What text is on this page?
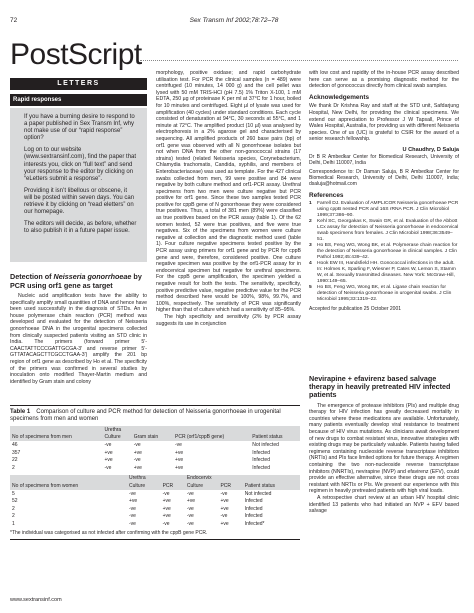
72	Sex Transm Inf 2002;78:72–78
PostScript
LETTERS
Rapid responses

If you have a burning desire to respond to a paper published in Sex Transm Inf, why not make use of our “rapid response” option?

Log on to our website (www.sextransinf.com), find the paper that interests you, click on “full text” and send your response to the editor by clicking on “eLetters submit a response”.

Providing it isn’t libellous or obscene, it will be posted within seven days. You can retrieve it by clicking on “read eletters” on our homepage.

The editors will decide, as before, whether to also publish it in a future paper issue.

Detection of Neisseria gonorrhoeae by PCR using orf1 gene as target

Nucleic acid amplification tests have the ability to specifically amplify small quantities of DNA and hence have been used successfully in the diagnosis of STDs. An in house polymerase chain reaction (PCR) method was developed and evaluated for the detection of Neisseria gonorrhoeae DNA in the urogenital specimens collected from clinically suspected patients visiting an STD clinic in India. The primers (forward primer 5′-CAACTATTCCCGATTGCGA-3′ and reverse primer 5′-GTTATACAGCTTCGCCTGAA-3′) amplify the 201 bp region of orf1 gene as described by Ho et al. The specificity of the primers was confirmed in several studies by inoculation onto modified Thayer-Martin medium and identified by Gram stain and colony

morphology, positive oxidase; and rapid carbohydrate utilisation test. For PCR the clinical samples (n = 489) were centrifuged (10 minutes, 14 000 g) and the cell pellet was lysed with 50 mM TRIS-HCl (pH 7.5) 1% Triton X-100, 1 mM EDTA, 250 µg of proteinase K per ml at 37°C for 1 hour, boiled for 10 minutes and centrifuged. Eight µl of lysate was used for amplification (40 cycles) under standard conditions. Each cycle consisted of denaturation at 94°C, 30 seconds at 55°C, and 1 minute at 72°C. The amplified product (10 µl) was analysed by electrophoresis in a 2% agarose gel and characterised by sequencing. All amplified products of 260 base pairs (bp) of orf1 gene was observed with all N gonorrhoeae isolates but not when DNA from the other non-gonococcal strains (17 strains) tested (related Neisseria species, Corynebacterium, Chlamydia trachomatis, Candida, syphilis, and members of Enterobacteriaceae) was used as template. For the 427 clinical swabs collected from men, 99 were positive and 84 were negative by both culture method and orf1-PCR assay. Urethral specimens from two men were culture negative but PCR positive for orf1 gene. Since these two samples tested PCR positive for cppB gene of N gonorrhoeae they were considered true positives. Thus, a total of 381 men (89%) were classified as true positives based on the PCR assay (table 1). Of the 62 women tested, 52 were true positives, and five were true negatives. Six of the specimens from women were culture negative at collection and the diagnostic method used (table 1). Four culture negative specimens tested positive by the PCR assay using primers for orf1 gene and by PCR for cppB gene and were, therefore, considered positive. One culture negative specimen was positive by the orf1-PCR assay for in endocervical specimen but negative for urethral specimens. For the cppB gene amplification, the specimen yielded a negative result for both the tests. The sensitivity, specificity, positive predictive value, negative predictive value for the PCR method described here would be 100%, 98%, 99.7%, and 100%, respectively. The sensitivity of PCR was significantly higher than that of culture which had a sensitivity of 85–95%.

The high specificity and sensitivity (2% by PCR assay suggests its use in conjunction

with low cost and rapidity of the in-house PCR assay described here can serve as a promising diagnostic method for the detection of gonococcus directly from clinical swab samples.

Acknowledgements

We thank Dr Krishna Ray and staff at the STD unit, Safdarjung Hospital, New Delhi, for providing the clinical specimens. We extend our appreciation to Professor J W Tapsall, Prince of Wales Hospital, Australia, for providing us with different Neisseria species. One of us (UC) is grateful to CSIR for the award of a senior research fellowship.

U Chaudhry, D Saluja

Dr B R Ambedkar Center for Biomedical Research, University of Delhi, Delhi 110007, India

Correspondence to: Dr Daman Saluja, B R Ambedkar Center for Biomedical Research, University of Delhi, Delhi 110007, India; dsaluja@hotmail.com

References
1 Farrell DJ. Evaluation of AMPLICOR Neisseria gonorrhoeae PCR using cppB nested PCR and 16S rRNA PCR. J Clin Microbiol 1999;37:386–90.
2 Kehl SC, Georgakas K, Swain GR, et al. Evaluation of the Abbott LCx assay for detection of Neisseria gonorrhoeae in endocervical swab specimens from females. J Clin Microbiol 1998;36:3549–51.
3 Ho BS, Feng WG, Wong BK, et al. Polymerase chain reaction for the detection of Neisseria gonorrhoeae in clinical samples. J Clin Pathol 1992;45:439–42.
4 Hook EW III, Handsfield HH. Gonococcal infections in the adult. In: Holmes K, Sparling F, Wiesner P, Cates W, Lemon S, Stamm W, et al. Sexually transmitted diseases. New York: McGraw-Hill, 1990:149–65.
5 Ho BS, Feng WG, Wong BK, et al. Ligase chain reaction for detection of Neisseria gonorrhoeae in urogenital swabs. J Clin Microbiol 1995;33:1319–22.

Accepted for publication 25 October 2001

Nevirapine + efavirenz based salvage therapy in heavily pretreated HIV infected patients

The emergence of protease inhibitors (PIs) and multiple drug therapy for HIV infection has greatly decreased mortality in countries where these medications are available. Unfortunately, many patients eventually develop viral resistance to treatment because of HIV virus mutations. As clinicians await development of new drugs to combat resistant virus, innovative strategies with existing drugs may be particularly valuable. Patients having failed regimens containing nucleoside reverse transcriptase inhibitors (NRTIs) and PIs face limited options for future therapy. A regimen containing the two non-nucleoside reverse transcriptase inhibitors (NNRTIs), nevirapine (NVP) and efavirenz (EFV), could provide an effective alternative, since these drugs are not cross resistant with NRTIs or PIs. We present our experience with this regimen in heavily pretreated patients with high viral loads.

A retrospective chart review at an urban HIV hospital clinic identified 13 patients who had initiated an NVP + EFV based salvage

Table 1 Comparison of culture and PCR method for detection of Neisseria gonorrhoeae in urogenital specimens from men and women
	Urethra			
No of specimens from men	Culture	Gram stain	PCR (orf1/cppB gene)	Patient status
46	-ve	-ve	-ve	Not infected
357	+ve	+ve	+ve	Infected
22	+ve	-ve	+ve	Infected
2	-ve	+ve	+ve	Infected
	Urethra		Endocervix		
No of specimens from women	Culture	PCR	Culture	PCR	Patient status
5	-ve	-ve	-ve	-ve	Not infected
52	+ve	+ve	+ve	+ve	Infected
2	-ve	+ve	-ve	+ve	Infected
2	-ve	+ve	-ve	-ve	Infected
1	-ve	-ve	-ve	+ve	Infected*
*The individual was categorised as not infected after confirming with the cppB gene PCR.
www.sextransinf.com
